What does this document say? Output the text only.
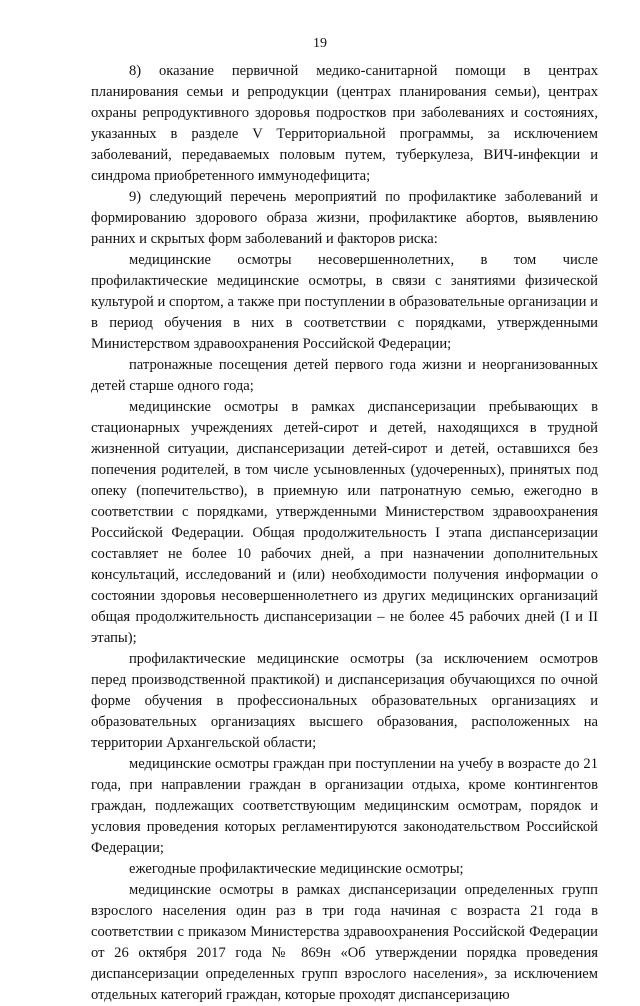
19

8) оказание первичной медико-санитарной помощи в центрах планирования семьи и репродукции (центрах планирования семьи), центрах охраны репродуктивного здоровья подростков при заболеваниях и состояниях, указанных в разделе V Территориальной программы, за исключением заболеваний, передаваемых половым путем, туберкулеза, ВИЧ-инфекции и синдрома приобретенного иммунодефицита;

9) следующий перечень мероприятий по профилактике заболеваний и формированию здорового образа жизни, профилактике абортов, выявлению ранних и скрытых форм заболеваний и факторов риска:

медицинские осмотры несовершеннолетних, в том числе профилактические медицинские осмотры, в связи с занятиями физической культурой и спортом, а также при поступлении в образовательные организации и в период обучения в них в соответствии с порядками, утвержденными Министерством здравоохранения Российской Федерации;

патронажные посещения детей первого года жизни и неорганизованных детей старше одного года;

медицинские осмотры в рамках диспансеризации пребывающих в стационарных учреждениях детей-сирот и детей, находящихся в трудной жизненной ситуации, диспансеризации детей-сирот и детей, оставшихся без попечения родителей, в том числе усыновленных (удочеренных), принятых под опеку (попечительство), в приемную или патронатную семью, ежегодно в соответствии с порядками, утвержденными Министерством здравоохранения Российской Федерации. Общая продолжительность I этапа диспансеризации составляет не более 10 рабочих дней, а при назначении дополнительных консультаций, исследований и (или) необходимости получения информации о состоянии здоровья несовершеннолетнего из других медицинских организаций общая продолжительность диспансеризации – не более 45 рабочих дней (I и II этапы);

профилактические медицинские осмотры (за исключением осмотров перед производственной практикой) и диспансеризация обучающихся по очной форме обучения в профессиональных образовательных организациях и образовательных организациях высшего образования, расположенных на территории Архангельской области;

медицинские осмотры граждан при поступлении на учебу в возрасте до 21 года, при направлении граждан в организации отдыха, кроме контингентов граждан, подлежащих соответствующим медицинским осмотрам, порядок и условия проведения которых регламентируются законодательством Российской Федерации;

ежегодные профилактические медицинские осмотры;

медицинские осмотры в рамках диспансеризации определенных групп взрослого населения один раз в три года начиная с возраста 21 года в соответствии с приказом Министерства здравоохранения Российской Федерации от 26 октября 2017 года № 869н «Об утверждении порядка проведения диспансеризации определенных групп взрослого населения», за исключением отдельных категорий граждан, которые проходят диспансеризацию
